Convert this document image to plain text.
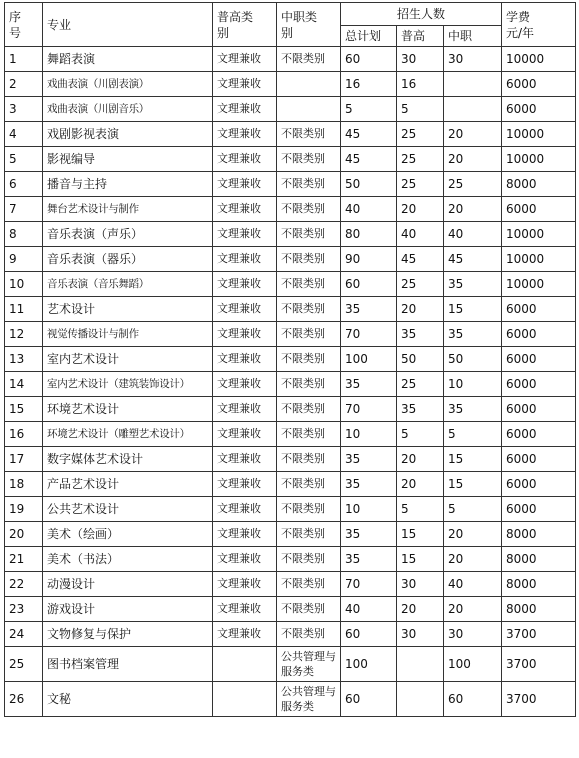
序号	专业	普高类别	中职类别	招生人数			学费元/年

				总计划	普高	中职	
1	舞蹈表演	文理兼收	不限类别	60	30	30	10000
2	戏曲表演（川剧表演）	文理兼收		16	16		6000
3	戏曲表演（川剧音乐）	文理兼收		5	5		6000
4	戏剧影视表演	文理兼收	不限类别	45	25	20	10000
5	影视编导	文理兼收	不限类别	45	25	20	10000
6	播音与主持	文理兼收	不限类别	50	25	25	8000
7	舞台艺术设计与制作	文理兼收	不限类别	40	20	20	6000
8	音乐表演（声乐）	文理兼收	不限类别	80	40	40	10000
9	音乐表演（器乐）	文理兼收	不限类别	90	45	45	10000
10	音乐表演（音乐舞蹈）	文理兼收	不限类别	60	25	35	10000
11	艺术设计	文理兼收	不限类别	35	20	15	6000
12	视觉传播设计与制作	文理兼收	不限类别	70	35	35	6000
13	室内艺术设计	文理兼收	不限类别	100	50	50	6000
14	室内艺术设计（建筑装饰设计）	文理兼收	不限类别	35	25	10	6000
15	环境艺术设计	文理兼收	不限类别	70	35	35	6000
16	环境艺术设计（雕塑艺术设计）	文理兼收	不限类别	10	5	5	6000
17	数字媒体艺术设计	文理兼收	不限类别	35	20	15	6000
18	产品艺术设计	文理兼收	不限类别	35	20	15	6000
19	公共艺术设计	文理兼收	不限类别	10	5	5	6000
20	美术（绘画）	文理兼收	不限类别	35	15	20	8000
21	美术（书法）	文理兼收	不限类别	35	15	20	8000
22	动漫设计	文理兼收	不限类别	70	30	40	8000
23	游戏设计	文理兼收	不限类别	40	20	20	8000
24	文物修复与保护	文理兼收	不限类别	60	30	30	3700
25	图书档案管理		公共管理与服务类	100		100	3700
26	文秘		公共管理与服务类	60		60	3700
